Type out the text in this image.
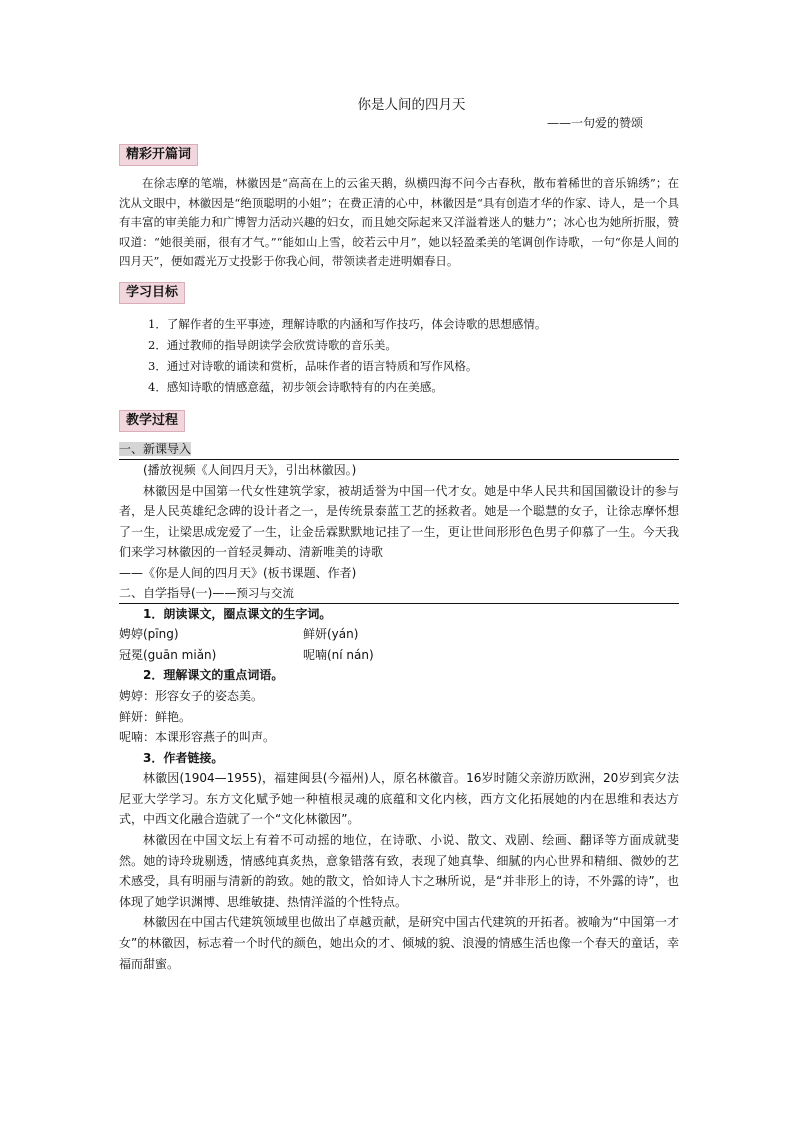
你是人间的四月天
——一句爱的赞颂
精彩开篇词

在徐志摩的笔端，林徽因是“高高在上的云雀天鹅，纵横四海不问今古春秋，散布着稀世的音乐锦绣”；在沈从文眼中，林徽因是“绝顶聪明的小姐”；在费正清的心中，林徽因是“具有创造才华的作家、诗人，是一个具有丰富的审美能力和广博智力活动兴趣的妇女，而且她交际起来又洋溢着迷人的魅力”；冰心也为她所折服，赞叹道：“她很美丽，很有才气。”“能如山上雪，皎若云中月”，她以轻盈柔美的笔调创作诗歌，一句“你是人间的四月天”，便如霞光万丈投影于你我心间，带领读者走进明媚春日。

学习目标
1．了解作者的生平事迹，理解诗歌的内涵和写作技巧，体会诗歌的思想感情。
2．通过教师的指导朗读学会欣赏诗歌的音乐美。
3．通过对诗歌的诵读和赏析，品味作者的语言特质和写作风格。
4．感知诗歌的情感意蕴，初步领会诗歌特有的内在美感。
教学过程
一、新课导入

(播放视频《人间四月天》，引出林徽因。)

林徽因是中国第一代女性建筑学家，被胡适誉为中国一代才女。她是中华人民共和国国徽设计的参与者，是人民英雄纪念碑的设计者之一，是传统景泰蓝工艺的拯救者。她是一个聪慧的女子，让徐志摩怀想了一生，让梁思成宠爱了一生，让金岳霖默默地记挂了一生，更让世间形形色色男子仰慕了一生。今天我们来学习林徽因的一首轻灵舞动、清新唯美的诗歌

——《你是人间的四月天》(板书课题、作者)

二、自学指导(一)——预习与交流

1．朗读课文，圈点课文的生字词。

娉婷(pīng)	鲜妍(yán)
冠冕(guān miǎn)	呢喃(ní nán)

2．理解课文的重点词语。

娉婷：形容女子的姿态美。

鲜妍：鲜艳。

呢喃：本课形容燕子的叫声。

3．作者链接。

林徽因(1904—1955)，福建闽县(今福州)人，原名林徽音。16岁时随父亲游历欧洲，20岁到宾夕法尼亚大学学习。东方文化赋予她一种植根灵魂的底蕴和文化内核，西方文化拓展她的内在思维和表达方式，中西文化融合造就了一个“文化林徽因”。

林徽因在中国文坛上有着不可动摇的地位，在诗歌、小说、散文、戏剧、绘画、翻译等方面成就斐然。她的诗玲珑剔透，情感纯真炙热，意象错落有致，表现了她真挚、细腻的内心世界和精细、微妙的艺术感受，具有明丽与清新的韵致。她的散文，恰如诗人卞之琳所说，是“并非形上的诗，不外露的诗”，也体现了她学识渊博、思维敏捷、热情洋溢的个性特点。

林徽因在中国古代建筑领域里也做出了卓越贡献，是研究中国古代建筑的开拓者。被喻为“中国第一才女”的林徽因，标志着一个时代的颜色，她出众的才、倾城的貌、浪漫的情感生活也像一个春天的童话，幸福而甜蜜。
